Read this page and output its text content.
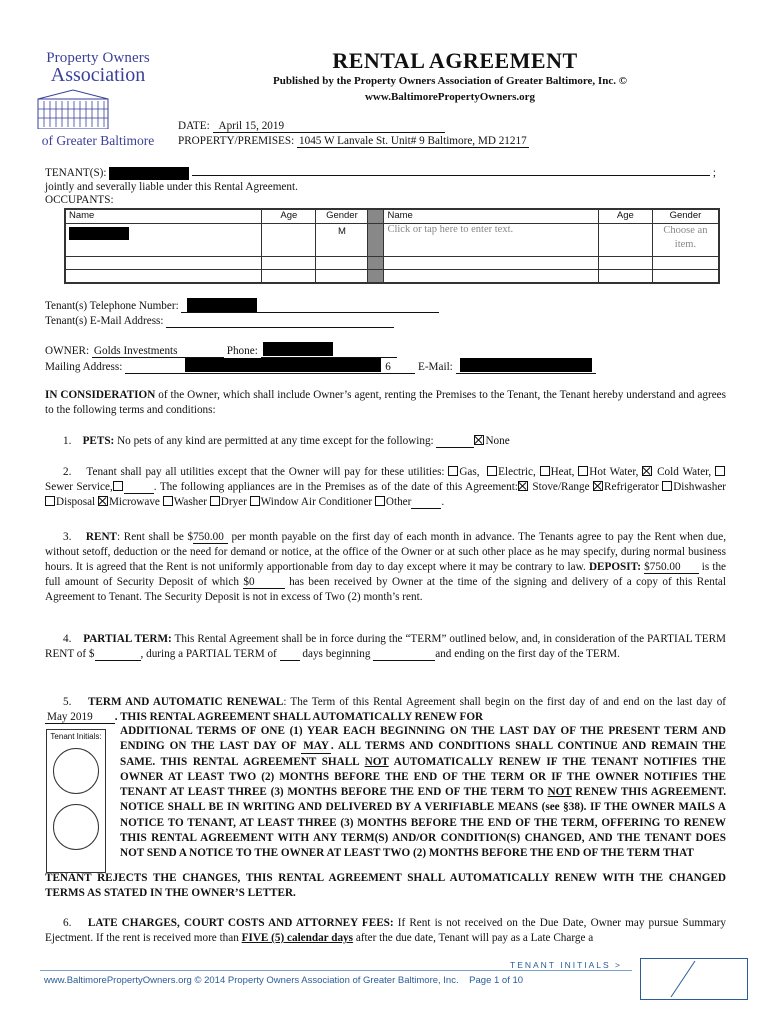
Property Owners
Association
of Greater Baltimore
RENTAL AGREEMENT
Published by the Property Owners Association of Greater Baltimore, Inc. ©
www.BaltimorePropertyOwners.org
DATE: April 15, 2019
PROPERTY/PREMISES: 1045 W Lanvale St. Unit# 9 Baltimore, MD 21217
TENANT(S):	;
jointly and severally liable under this Rental Agreement.
OCCUPANTS:
Name	Age	Gender		Name	Age	Gender
		M		Click or tap here to enter text.		Choose an item.

Tenant(s) Telephone Number:

Tenant(s) E-Mail Address:
OWNER: Golds Investments	Phone:

Mailing Address:	6 E-Mail:

IN CONSIDERATION of the Owner, which shall include Owner’s agent, renting the Premises to the Tenant, the Tenant hereby understand and agrees to the following terms and conditions:
1. PETS: No pets of any kind are permitted at any time except for the following:	None
2. Tenant shall pay all utilities except that the Owner will pay for these utilities: Gas, Electric, Heat, Hot Water, Cold Water, Sewer Service,	. The following appliances are in the Premises as of the date of this Agreement: Stove/Range Refrigerator Dishwasher Disposal Microwave Washer Dryer Window Air Conditioner Other	.
3. RENT: Rent shall be $750.00 per month payable on the first day of each month in advance. The Tenants agree to pay the Rent when due, without setoff, deduction or the need for demand or notice, at the office of the Owner or at such other place as he may specify, during normal business hours. It is agreed that the Rent is not uniformly apportionable from day to day except where it may be contrary to law. DEPOSIT: $750.00 is the full amount of Security Deposit of which $0	has been received by Owner at the time of the signing and delivery of a copy of this Rental Agreement to Tenant. The Security Deposit is not in excess of Two (2) month’s rent.
4. PARTIAL TERM: This Rental Agreement shall be in force during the “TERM” outlined below, and, in consideration of the PARTIAL TERM RENT of $	, during a PARTIAL TERM of days beginning	and ending on the first day of the TERM.
5. TERM AND AUTOMATIC RENEWAL: The Term of this Rental Agreement shall begin on the first day of and end on the last day ofMay 2019 . THIS RENTAL AGREEMENT SHALL AUTOMATICALLY RENEW FOR
Tenant Initials:	ADDITIONAL TERMS OF ONE (1) YEAR EACH BEGINNING ON THE LAST DAY OF THE PRESENT TERM AND ENDING ON THE LAST DAY OF MAY . ALL TERMS AND CONDITIONS SHALL CONTINUE AND REMAIN THE SAME. THIS RENTAL AGREEMENT SHALL NOT AUTOMATICALLY RENEW IF THE TENANT NOTIFIES THE OWNER AT LEAST TWO (2) MONTHS BEFORE THE END OF THE TERM OR IF THE OWNER NOTIFIES THE TENANT AT LEAST THREE (3) MONTHS BEFORE THE END OF THE TERM TO NOT RENEW THIS AGREEMENT. NOTICE SHALL BE IN WRITING AND DELIVERED BY A VERIFIABLE MEANS (see §38). IF THE OWNER MAILS A NOTICE TO TENANT, AT LEAST THREE (3) MONTHS BEFORE THE END OF THE TERM, OFFERING TO RENEW THIS RENTAL AGREEMENT WITH ANY TERM(S) AND/OR CONDITION(S) CHANGED, AND THE TENANT DOES NOT SEND A NOTICE TO THE OWNER AT LEAST TWO (2) MONTHS BEFORE THE END OF THE TERM THAT
TENANT REJECTS THE CHANGES, THIS RENTAL AGREEMENT SHALL AUTOMATICALLY RENEW WITH THE CHANGED TERMS AS STATED IN THE OWNER’S LETTER.
6. LATE CHARGES, COURT COSTS AND ATTORNEY FEES: If Rent is not received on the Due Date, Owner may pursue Summary Ejectment. If the rent is received more than FIVE (5) calendar days after the due date, Tenant will pay as a Late Charge a
TENANT INITIALS >
www.BaltimorePropertyOwners.org © 2014 Property Owners Association of Greater Baltimore, Inc. Page 1 of 10
